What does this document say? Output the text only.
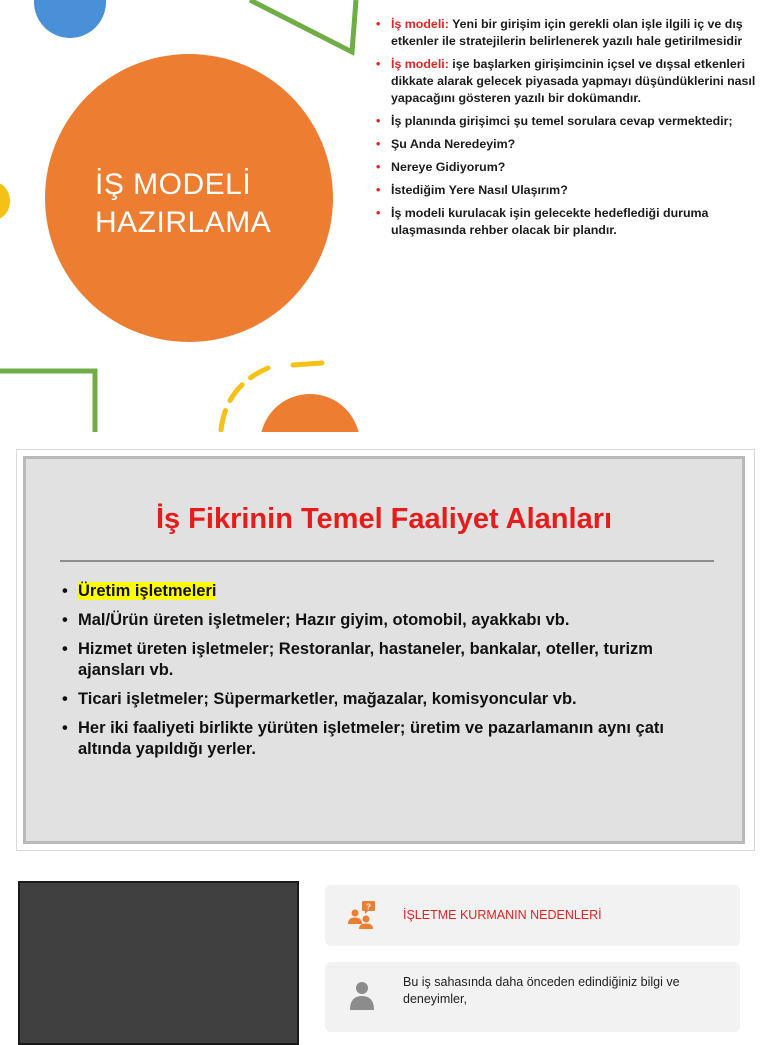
İŞ MODELİ HAZIRLAMA
• İş modeli: Yeni bir girişim için gerekli olan işle ilgili iç ve dış etkenler ile stratejilerin belirlenerek yazılı hale getirilmesidir
• İş modeli: işe başlarken girişimcinin içsel ve dışsal etkenleri dikkate alarak gelecek piyasada yapmayı düşündüklerini nasıl yapacağını gösteren yazılı bir dokümandır.
• İş planında girişimci şu temel sorulara cevap vermektedir;
• Şu Anda Neredeyim?
• Nereye Gidiyorum?
• İstediğim Yere Nasıl Ulaşırım?
• İş modeli kurulacak işin gelecekte hedeflediği duruma ulaşmasında rehber olacak bir plandır.
İş Fikrinin Temel Faaliyet Alanları
• Üretim işletmeleri
• Mal/Ürün üreten işletmeler; Hazır giyim, otomobil, ayakkabı vb.
• Hizmet üreten işletmeler; Restoranlar, hastaneler, bankalar, oteller, turizm ajansları vb.
• Ticari işletmeler; Süpermarketler, mağazalar, komisyoncular vb.
• Her iki faaliyeti birlikte yürüten işletmeler; üretim ve pazarlamanın aynı çatı altında yapıldığı yerler.
?
İŞLETME KURMANIN NEDENLERİ
Bu iş sahasında daha önceden edindiğiniz bilgi ve deneyimler,
